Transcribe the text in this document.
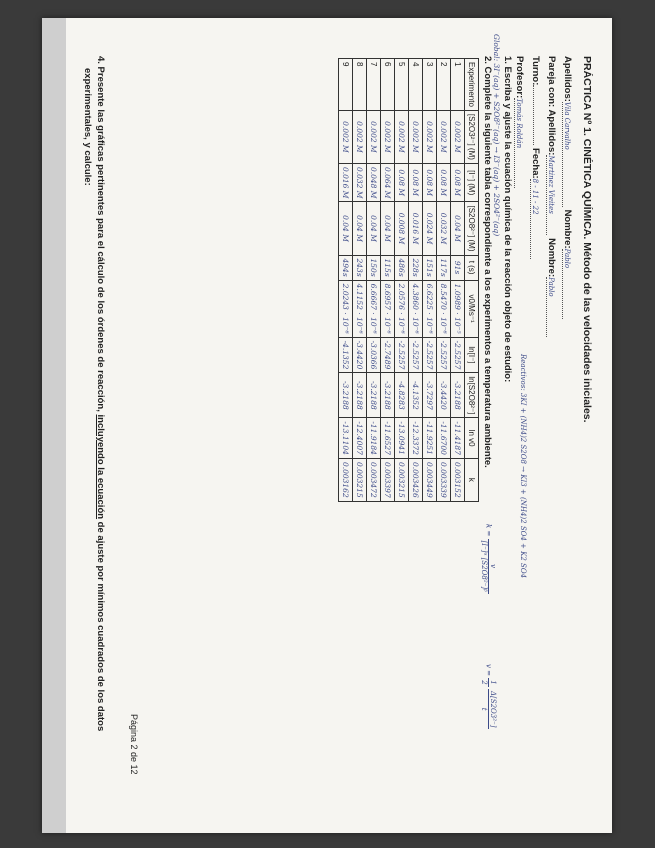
PRÁCTICA Nº 1. CINÉTICA QUÍMICA. Método de las velocidades iniciales.
Apellidos:Vila Carvalho Nombre:Pablo
Pareja con: Apellidos:Martinez Vieites Nombre:Pablo
Turno: Fecha:8 - 11 - 22
Profesor:Tomás Roldán
Reactivos: 3KI + (NH4)2 S2O8 → KI3 + (NH4)2 SO4 + K2 SO4
1. Escriba y ajuste la ecuación química de la reacción objeto de estudio:
Global: 3I⁻(aq) + S2O8²⁻(aq) → I3⁻(aq) + 2SO4²⁻(aq)
k =
v
[I⁻]ᵅ [S2O8²⁻]ᵝ
v =
1
2

Δ[S2O3²⁻]
t
2. Complete la siguiente tabla correspondiente a los experimentos a temperatura ambiente.
Experimento	[S2O3²⁻] (M)	[I⁻] (M)	[S2O8²⁻] (M)	t (s)	v0/Ms⁻¹	ln[I⁻]	ln[S2O8²⁻]	ln v0	k
1	0.002 M	0.08 M	0.04 M	91s	1.0989 · 10⁻⁵	-2.5257	-3.2188	-11.4187	0.003152
2	0.002 M	0.08 M	0.032 M	117s	8.5470 · 10⁻⁶	-2.5257	-3.4420	-11.6700	0.003339
3	0.002 M	0.08 M	0.024 M	151s	6.6225 · 10⁻⁶	-2.5257	-3.7297	-11.9251	0.003449
4	0.002 M	0.08 M	0.016 M	228s	4.3860 · 10⁻⁶	-2.5257	-4.1352	-12.3372	0.003426
5	0.002 M	0.08 M	0.008 M	486s	2.0576 · 10⁻⁶	-2.5257	-4.8283	-13.0941	0.003215
6	0.002 M	0.064 M	0.04 M	115s	8.6957 · 10⁻⁶	-2.7489	-3.2188	-11.6527	0.003397
7	0.002 M	0.048 M	0.04 M	150s	6.6667 · 10⁻⁶	-3.0366	-3.2188	-11.9184	0.003472
8	0.002 M	0.032 M	0.04 M	243s	4.1152 · 10⁻⁶	-3.4420	-3.2188	-12.4007	0.003215
9	0.002 M	0.016 M	0.04 M	494s	2.0243 · 10⁻⁶	-4.1352	-3.2188	-13.1104	0.003162
4. Presente las gráficas pertinentes para el cálculo de los órdenes de reacción, incluyendo la ecuación de ajuste por mínimos cuadrados de los datos
experimentales, y calcule:
Página 2 de 12
